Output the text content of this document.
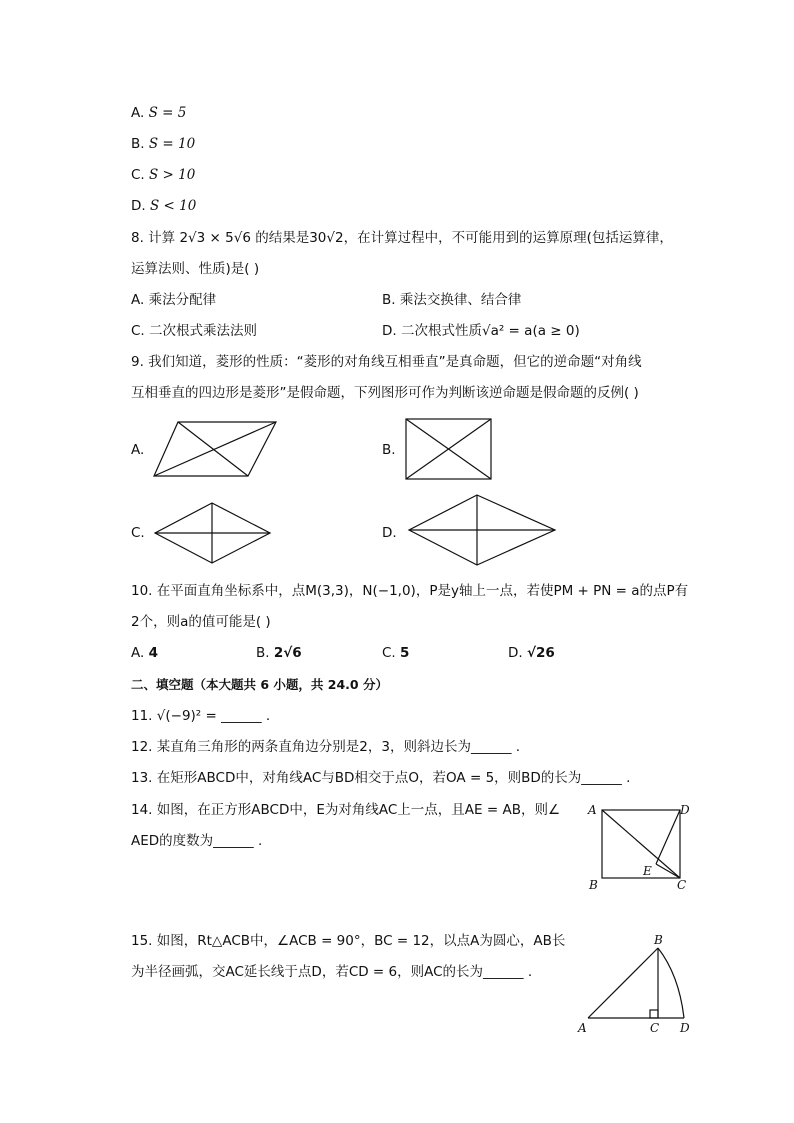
A. S = 5
B. S = 10
C. S > 10
D. S < 10
8. 计算 2√3 × 5√6 的结果是30√2，在计算过程中，不可能用到的运算原理(包括运算律，
运算法则、性质)是( )
A. 乘法分配律	B. 乘法交换律、结合律
C. 二次根式乘法法则	D. 二次根式性质√a² = a(a ≥ 0)
9. 我们知道，菱形的性质：“菱形的对角线互相垂直”是真命题，但它的逆命题“对角线
互相垂直的四边形是菱形”是假命题，下列图形可作为判断该逆命题是假命题的反例( )
A.	B.
C.	D.
10. 在平面直角坐标系中，点M(3,3)，N(−1,0)，P是y轴上一点，若使PM + PN = a的点P有
2个，则a的值可能是( )
A. 4	B. 2√6	C. 5	D. √26
二、填空题（本大题共 6 小题，共 24.0 分）
11. √(−9)² = ______ .
12. 某直角三角形的两条直角边分别是2，3，则斜边长为______ .
13. 在矩形ABCD中，对角线AC与BD相交于点O，若OA = 5，则BD的长为______ .
14. 如图，在正方形ABCD中，E为对角线AC上一点，且AE = AB，则∠
AED的度数为______ .
A	D
B	C
E
15. 如图，Rt△ACB中，∠ACB = 90°，BC = 12，以点A为圆心，AB长
为半径画弧，交AC延长线于点D，若CD = 6，则AC的长为______ .
B
A	C D
